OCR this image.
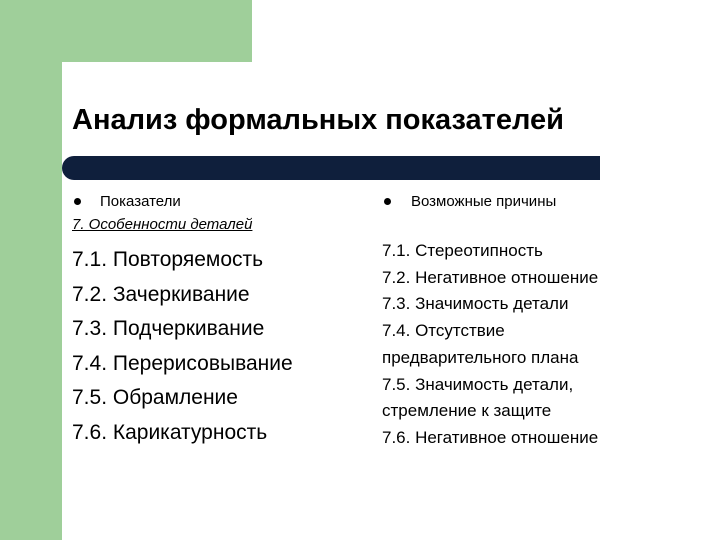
Анализ формальных показателей
Показатели
7. Особенности деталей
7.1. Повторяемость
7.2. Зачеркивание
7.3. Подчеркивание
7.4. Перерисовывание
7.5. Обрамление
7.6. Карикатурность
Возможные причины
7.1. Стереотипность
7.2. Негативное отношение
7.3. Значимость детали
7.4. Отсутствие
предварительного плана
7.5. Значимость детали,
стремление к защите
7.6. Негативное отношение
